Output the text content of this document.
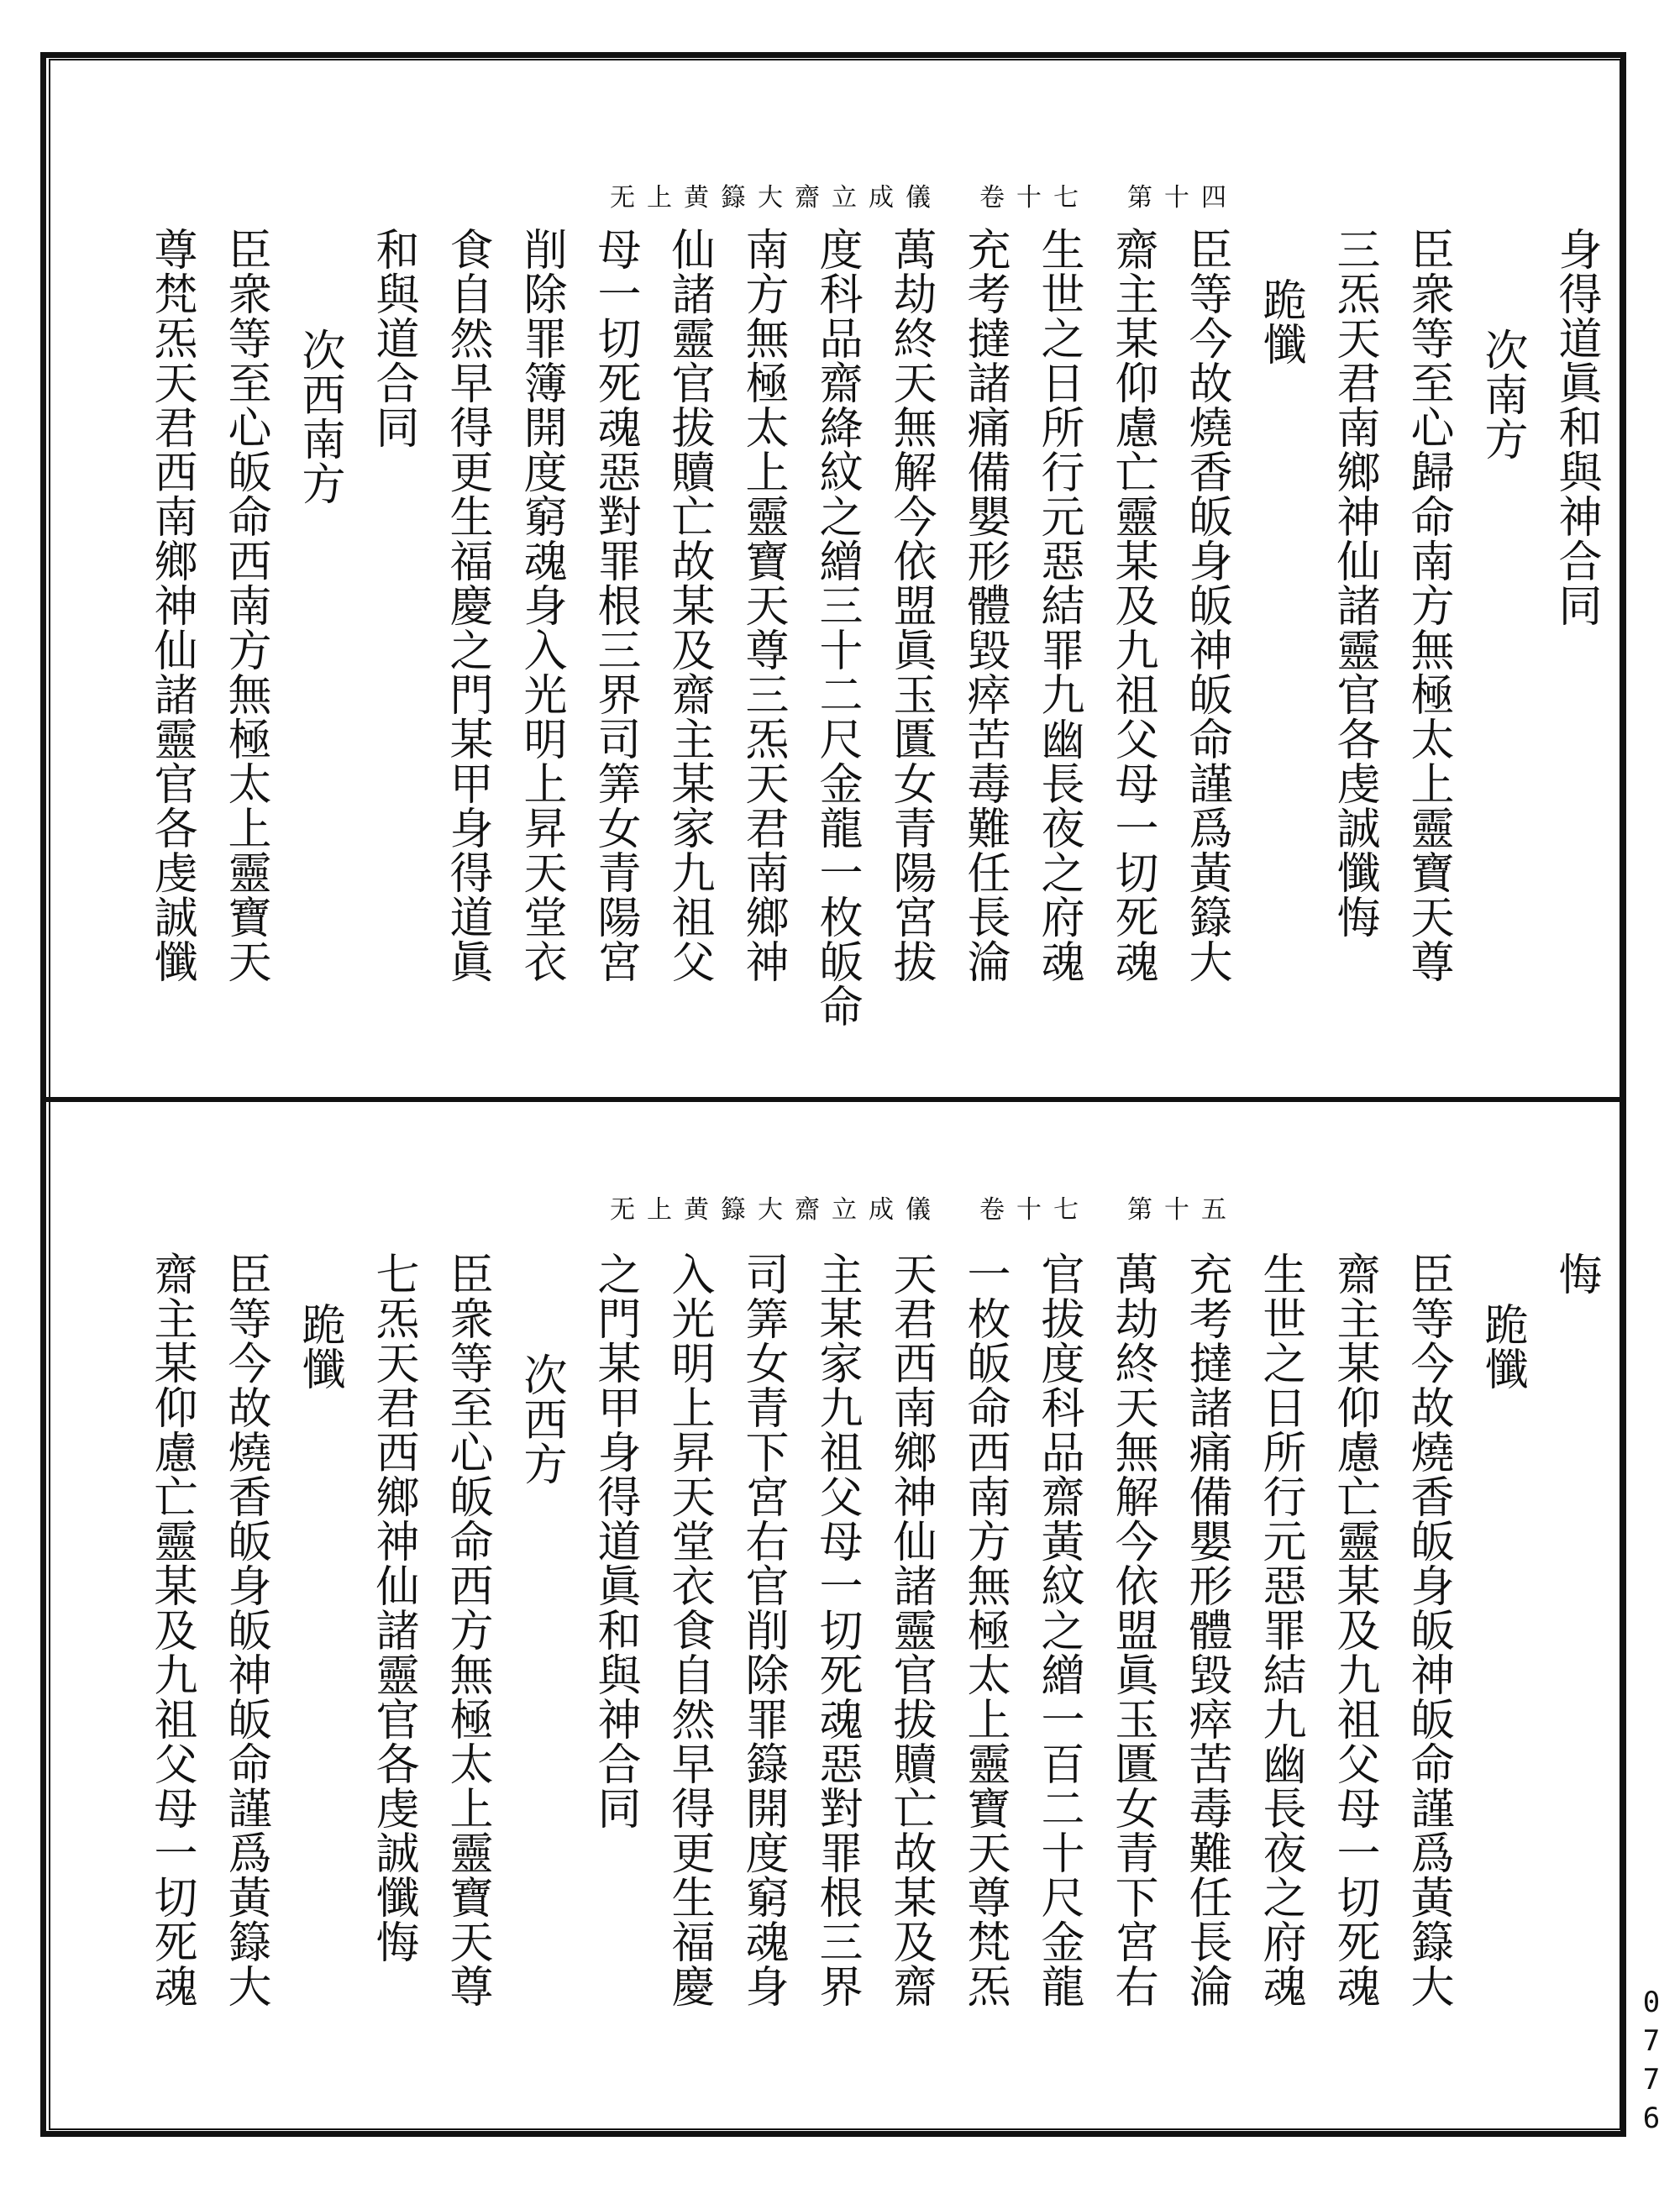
无上黄籙大齋立成儀　卷十七　第十四
身得道眞和與神合同
次南方
臣衆等至心歸命南方無極太上靈寶天尊
三炁天君南鄉神仙諸靈官各虔誠懺悔
跪懺
臣等今故燒香皈身皈神皈命謹爲黃籙大
齋主某仰慮亡靈某及九祖父母一切死魂
生世之日所行元惡結罪九幽長夜之府魂
充考撻諸痛備嬰形體毀瘁苦毒難任長淪
萬劫終天無解今依盟眞玉匱女青陽宮拔
度科品齋絳紋之繒三十二尺金龍一枚皈命
南方無極太上靈寶天尊三炁天君南鄉神
仙諸靈官拔贖亡故某及齋主某家九祖父
母一切死魂惡對罪根三界司筭女青陽宮
削除罪簿開度窮魂身入光明上昇天堂衣
食自然早得更生福慶之門某甲身得道眞
和與道合同
次西南方
臣衆等至心皈命西南方無極太上靈寶天
尊梵炁天君西南鄉神仙諸靈官各虔誠懺
无上黄籙大齋立成儀　卷十七　第十五
悔
跪懺
臣等今故燒香皈身皈神皈命謹爲黃籙大
齋主某仰慮亡靈某及九祖父母一切死魂
生世之日所行元惡罪結九幽長夜之府魂
充考撻諸痛備嬰形體毀瘁苦毒難任長淪
萬劫終天無解今依盟眞玉匱女青下宮右
官拔度科品齋黃紋之繒一百二十尺金龍
一枚皈命西南方無極太上靈寶天尊梵炁
天君西南鄉神仙諸靈官拔贖亡故某及齋
主某家九祖父母一切死魂惡對罪根三界
司筭女青下宮右官削除罪籙開度窮魂身
入光明上昇天堂衣食自然早得更生福慶
之門某甲身得道眞和與神合同
次西方
臣衆等至心皈命西方無極太上靈寶天尊
七炁天君西鄉神仙諸靈官各虔誠懺悔
跪懺
臣等今故燒香皈身皈神皈命謹爲黃籙大
齋主某仰慮亡靈某及九祖父母一切死魂
0776
